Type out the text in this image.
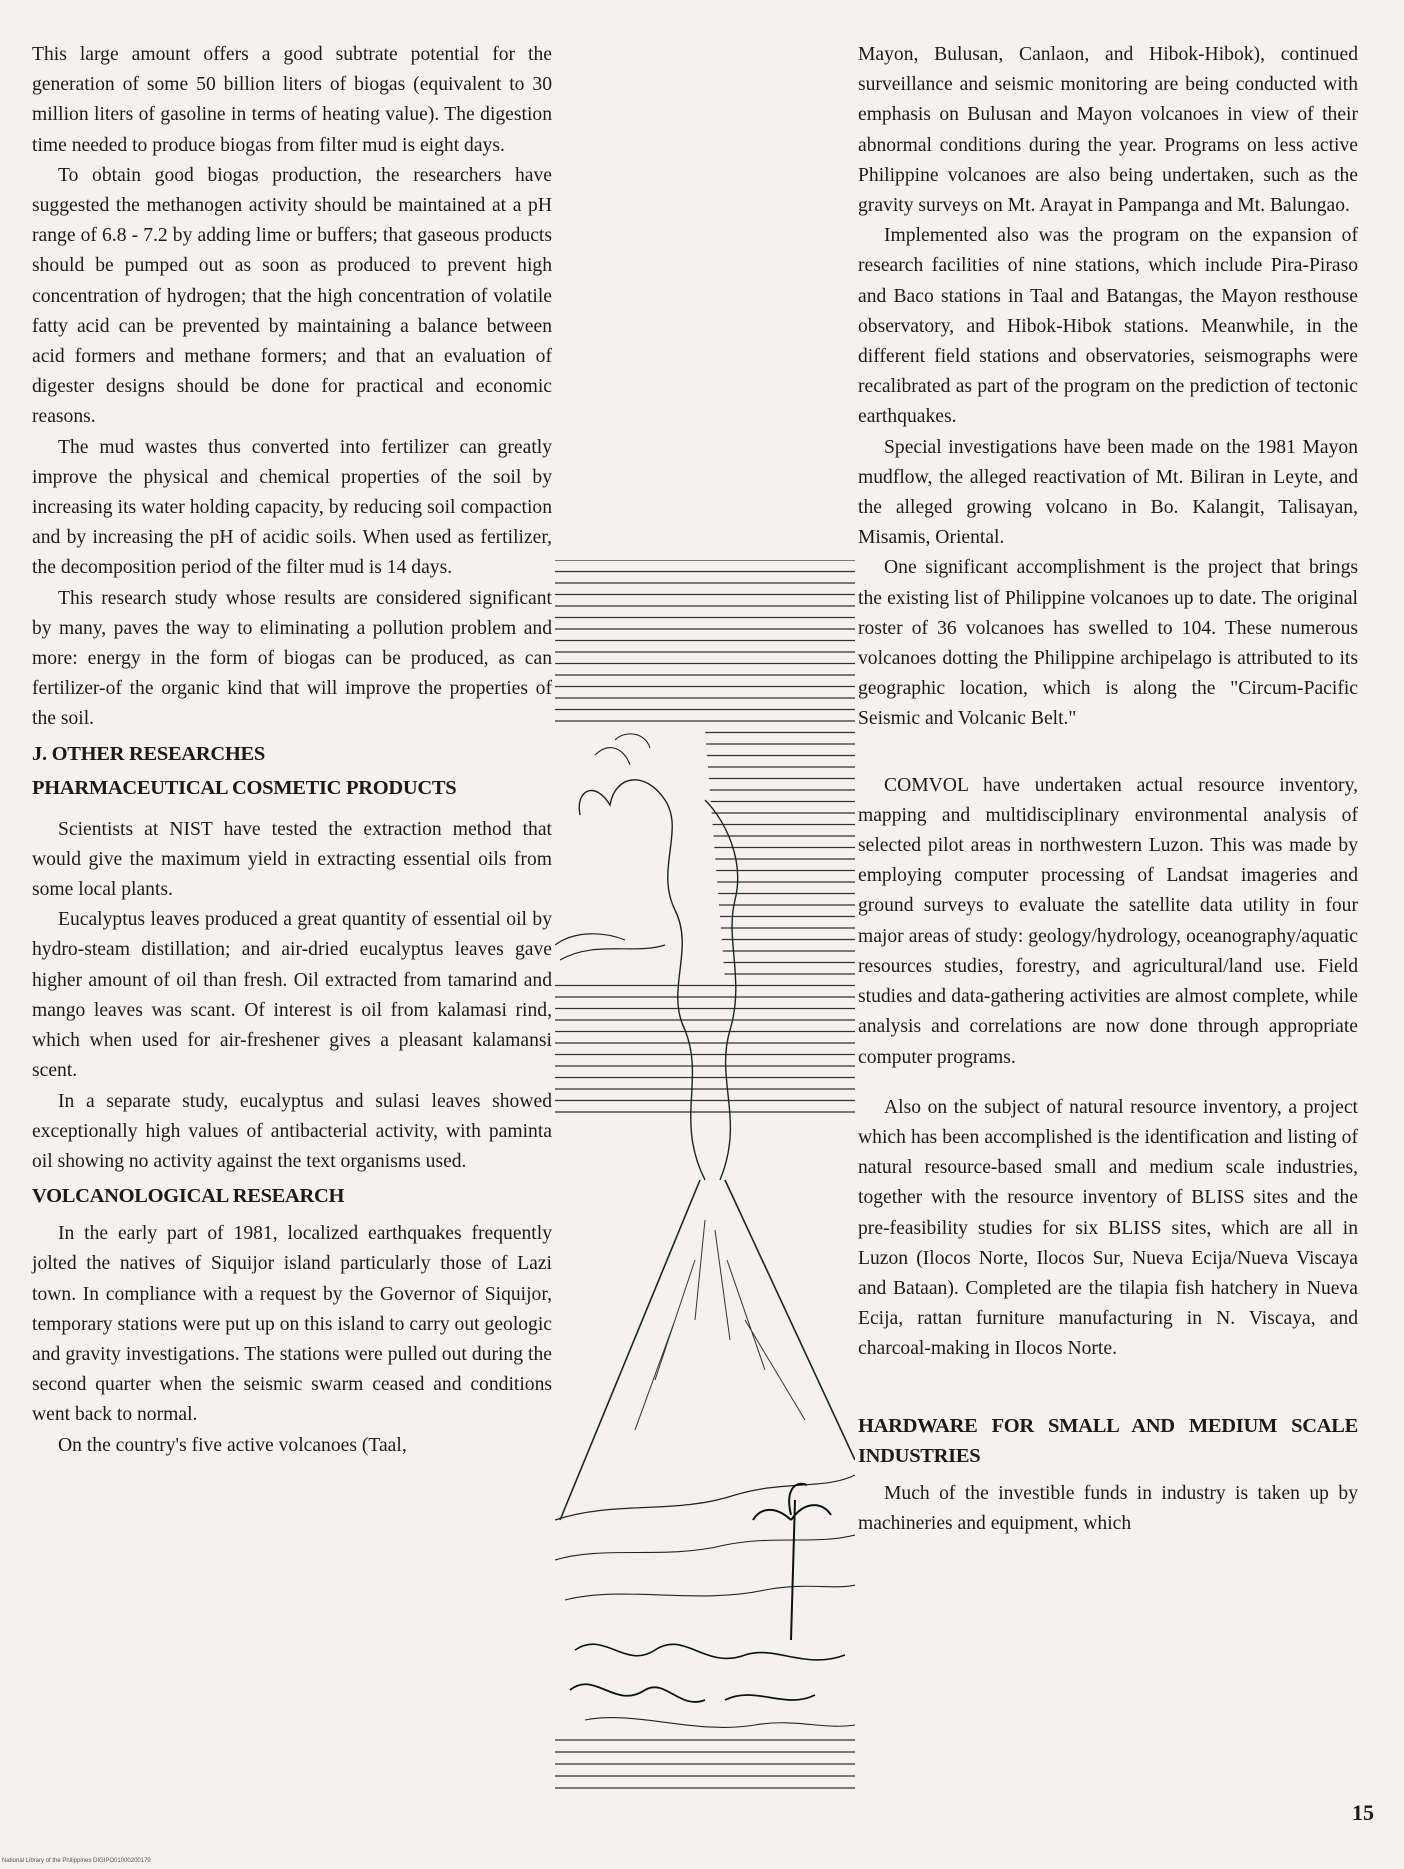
This large amount offers a good subtrate potential for the generation of some 50 billion liters of biogas (equivalent to 30 million liters of gasoline in terms of heating value). The digestion time needed to produce biogas from filter mud is eight days.

To obtain good biogas production, the researchers have suggested the methanogen activity should be maintained at a pH range of 6.8 - 7.2 by adding lime or buffers; that gaseous products should be pumped out as soon as produced to prevent high concentration of hydrogen; that the high concentration of volatile fatty acid can be prevented by maintaining a balance between acid formers and methane formers; and that an evaluation of digester designs should be done for practical and economic reasons.

The mud wastes thus converted into fertilizer can greatly improve the physical and chemical properties of the soil by increasing its water holding capacity, by reducing soil compaction and by increasing the pH of acidic soils. When used as fertilizer, the decomposition period of the filter mud is 14 days.

This research study whose results are considered significant by many, paves the way to eliminating a pollution problem and more: energy in the form of biogas can be produced, as can fertilizer-of the organic kind that will improve the properties of the soil.

J. OTHER RESEARCHES
PHARMACEUTICAL COSMETIC PRODUCTS

Scientists at NIST have tested the extraction method that would give the maximum yield in extracting essential oils from some local plants.

Eucalyptus leaves produced a great quantity of essential oil by hydro-steam distillation; and air-dried eucalyptus leaves gave higher amount of oil than fresh. Oil extracted from tamarind and mango leaves was scant. Of interest is oil from kalamasi rind, which when used for air-freshener gives a pleasant kalamansi scent.

In a separate study, eucalyptus and sulasi leaves showed exceptionally high values of antibacterial activity, with paminta oil showing no activity against the text organisms used.

VOLCANOLOGICAL RESEARCH

In the early part of 1981, localized earthquakes frequently jolted the natives of Siquijor island particularly those of Lazi town. In compliance with a request by the Governor of Siquijor, temporary stations were put up on this island to carry out geologic and gravity investigations. The stations were pulled out during the second quarter when the seismic swarm ceased and conditions went back to normal.

On the country's five active volcanoes (Taal,

Mayon, Bulusan, Canlaon, and Hibok-Hibok), continued surveillance and seismic monitoring are being conducted with emphasis on Bulusan and Mayon volcanoes in view of their abnormal conditions during the year. Programs on less active Philippine volcanoes are also being undertaken, such as the gravity surveys on Mt. Arayat in Pampanga and Mt. Balungao.

Implemented also was the program on the expansion of research facilities of nine stations, which include Pira-Piraso and Baco stations in Taal and Batangas, the Mayon resthouse observatory, and Hibok-Hibok stations. Meanwhile, in the different field stations and observatories, seismographs were recalibrated as part of the program on the prediction of tectonic earthquakes.

Special investigations have been made on the 1981 Mayon mudflow, the alleged reactivation of Mt. Biliran in Leyte, and the alleged growing volcano in Bo. Kalangit, Talisayan, Misamis, Oriental.

One significant accomplishment is the project that brings the existing list of Philippine volcanoes up to date. The original roster of 36 volcanoes has swelled to 104. These numerous volcanoes dotting the Philippine archipelago is attributed to its geographic location, which is along the "Circum-Pacific Seismic and Volcanic Belt."

COMVOL have undertaken actual resource inventory, mapping and multidisciplinary environmental analysis of selected pilot areas in northwestern Luzon. This was made by employing computer processing of Landsat imageries and ground surveys to evaluate the satellite data utility in four major areas of study: geology/hydrology, oceanography/aquatic resources studies, forestry, and agricultural/land use. Field studies and data-gathering activities are almost complete, while analysis and correlations are now done through appropriate computer programs.

Also on the subject of natural resource inventory, a project which has been accomplished is the identification and listing of natural resource-based small and medium scale industries, together with the resource inventory of BLISS sites and the pre-feasibility studies for six BLISS sites, which are all in Luzon (Ilocos Norte, Ilocos Sur, Nueva Ecija/Nueva Viscaya and Bataan). Completed are the tilapia fish hatchery in Nueva Ecija, rattan furniture manufacturing in N. Viscaya, and charcoal-making in Ilocos Norte.

HARDWARE FOR SMALL AND MEDIUM SCALE INDUSTRIES

Much of the investible funds in industry is taken up by machineries and equipment, which

15
National Library of the Philippines DIGIPO01000200179
